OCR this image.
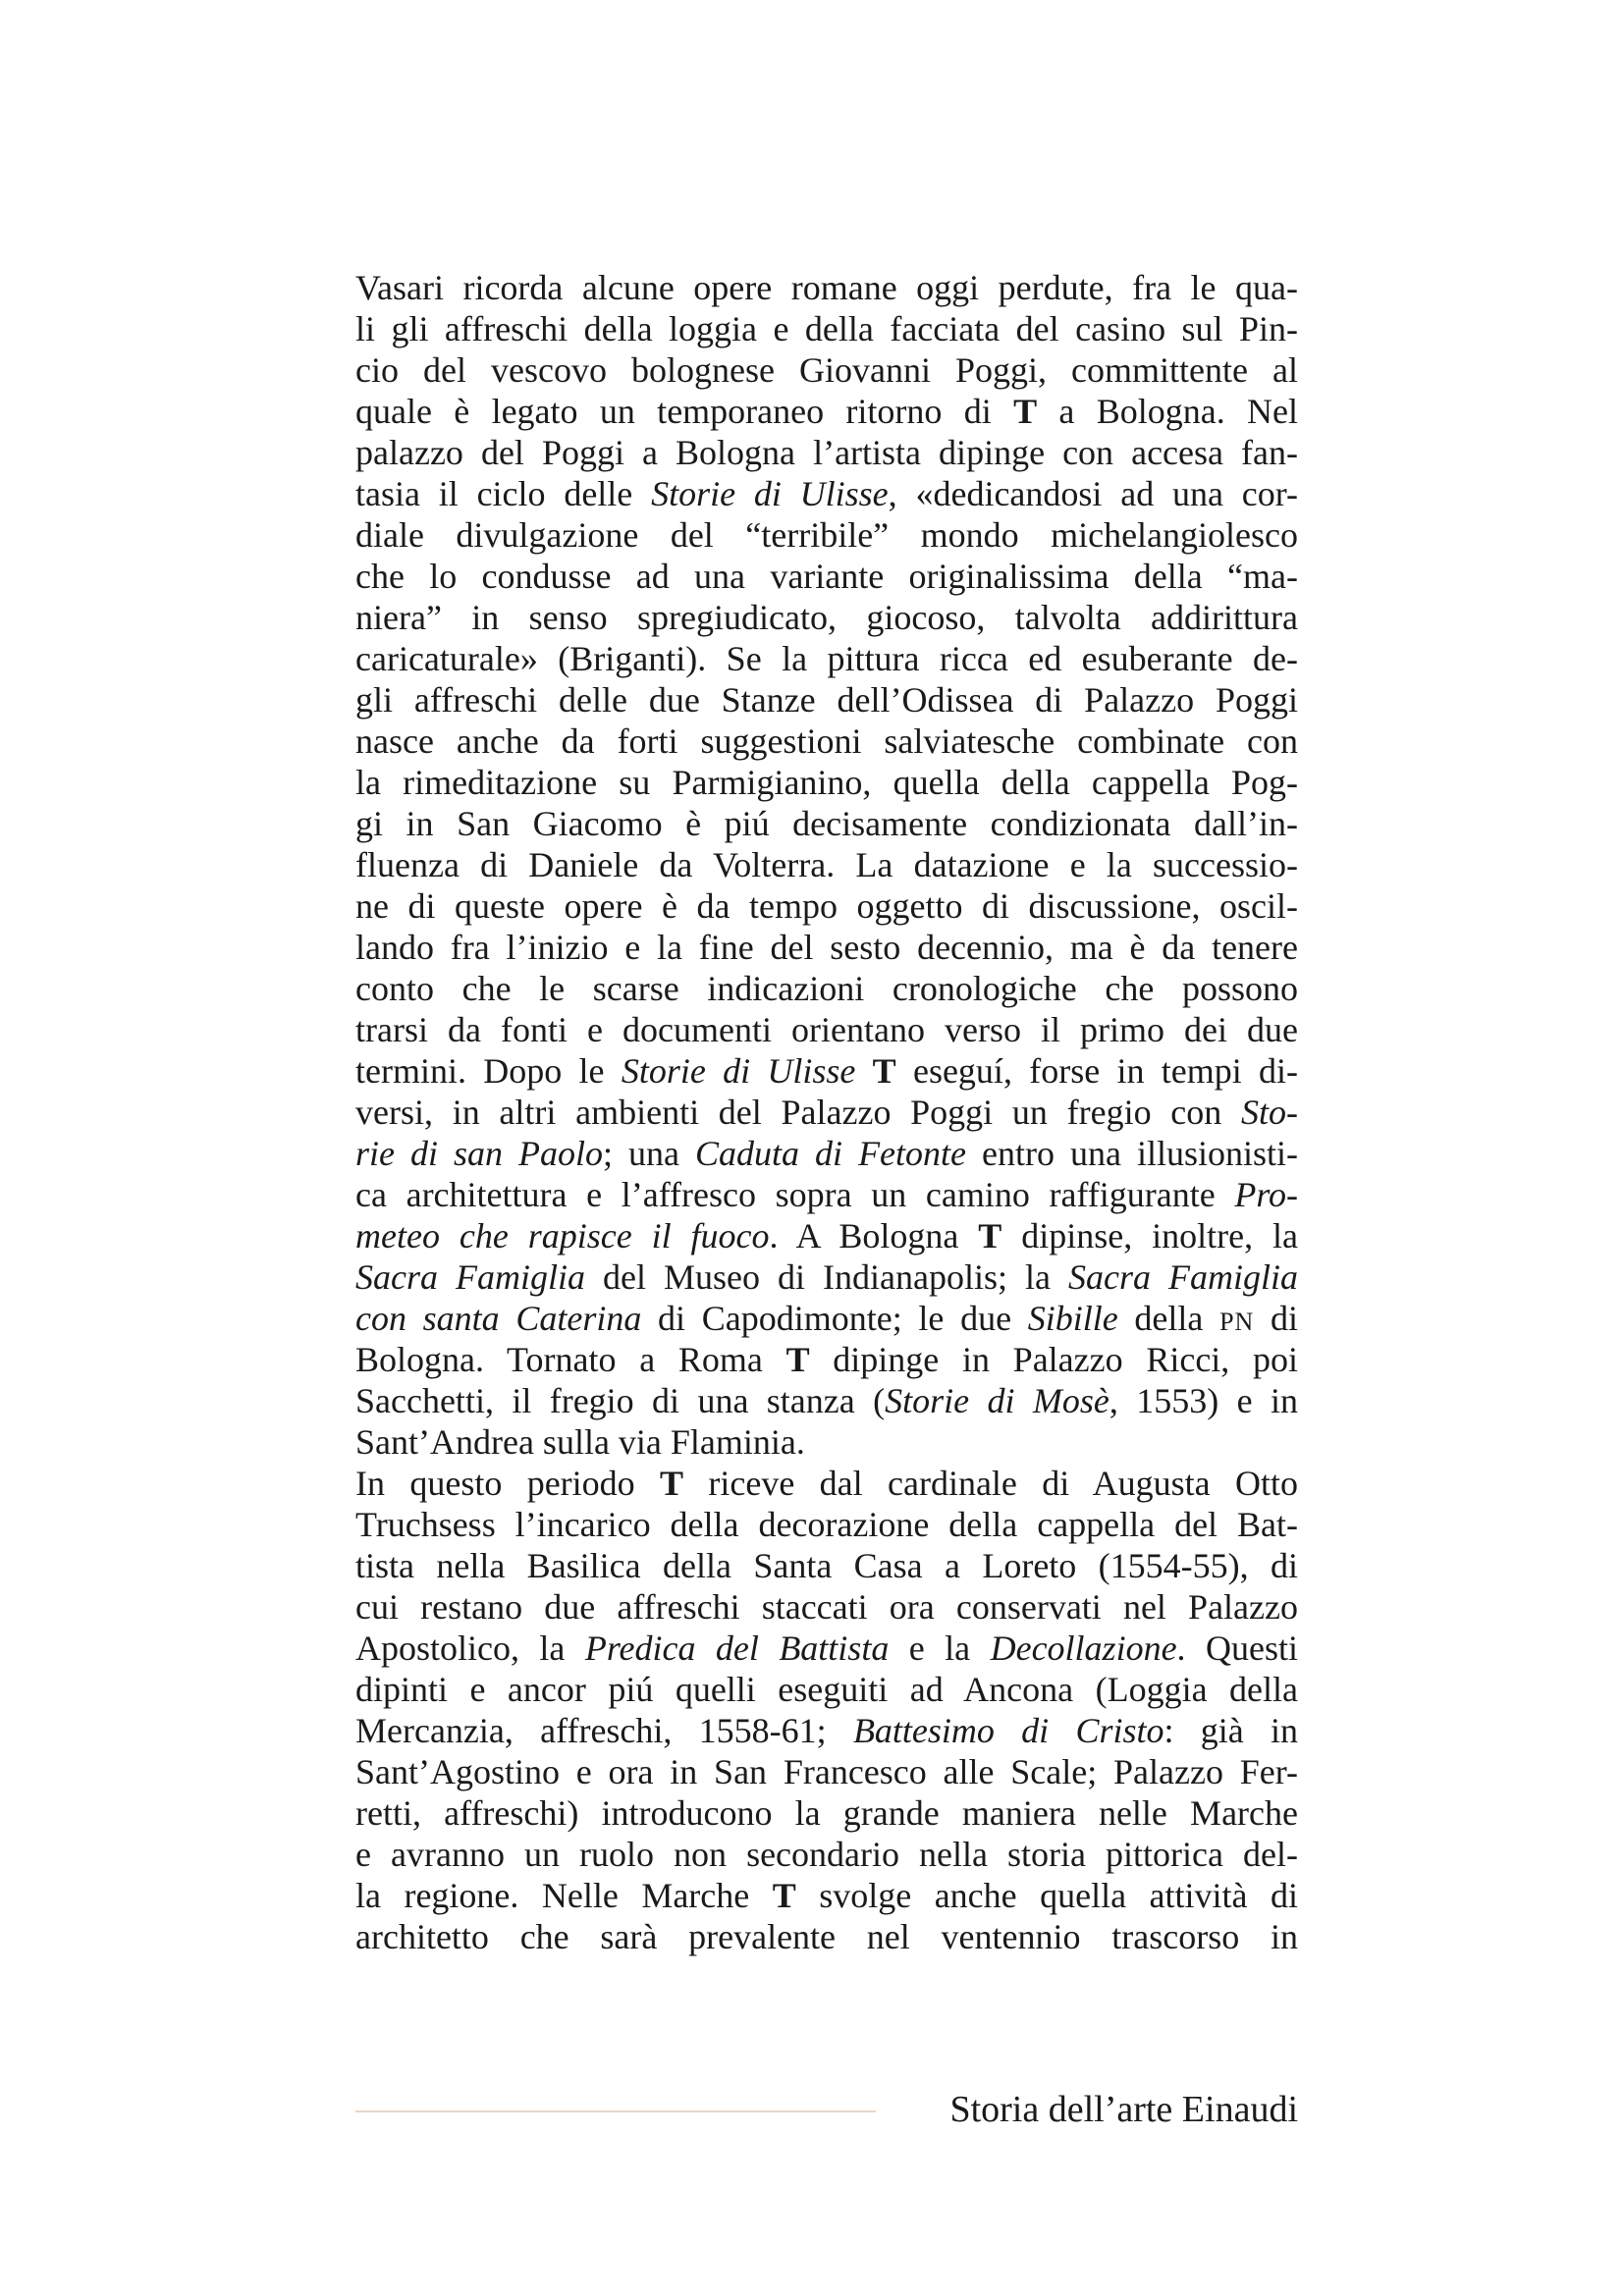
Vasari ricorda alcune opere romane oggi perdute, fra le qua-
li gli affreschi della loggia e della facciata del casino sul Pin-
cio del vescovo bolognese Giovanni Poggi, committente al
quale è legato un temporaneo ritorno di T a Bologna. Nel
palazzo del Poggi a Bologna l’artista dipinge con accesa fan-
tasia il ciclo delle Storie di Ulisse, «dedicandosi ad una cor-
diale divulgazione del “terribile” mondo michelangiolesco
che lo condusse ad una variante originalissima della “ma-
niera” in senso spregiudicato, giocoso, talvolta addirittura
caricaturale» (Briganti). Se la pittura ricca ed esuberante de-
gli affreschi delle due Stanze dell’Odissea di Palazzo Poggi
nasce anche da forti suggestioni salviatesche combinate con
la rimeditazione su Parmigianino, quella della cappella Pog-
gi in San Giacomo è piú decisamente condizionata dall’in-
fluenza di Daniele da Volterra. La datazione e la successio-
ne di queste opere è da tempo oggetto di discussione, oscil-
lando fra l’inizio e la fine del sesto decennio, ma è da tenere
conto che le scarse indicazioni cronologiche che possono
trarsi da fonti e documenti orientano verso il primo dei due
termini. Dopo le Storie di Ulisse T eseguí, forse in tempi di-
versi, in altri ambienti del Palazzo Poggi un fregio con Sto-
rie di san Paolo; una Caduta di Fetonte entro una illusionisti-
ca architettura e l’affresco sopra un camino raffigurante Pro-
meteo che rapisce il fuoco. A Bologna T dipinse, inoltre, la
Sacra Famiglia del Museo di Indianapolis; la Sacra Famiglia
con santa Caterina di Capodimonte; le due Sibille della PN di
Bologna. Tornato a Roma T dipinge in Palazzo Ricci, poi
Sacchetti, il fregio di una stanza (Storie di Mosè, 1553) e in
Sant’Andrea sulla via Flaminia.
In questo periodo T riceve dal cardinale di Augusta Otto
Truchsess l’incarico della decorazione della cappella del Bat-
tista nella Basilica della Santa Casa a Loreto (1554-55), di
cui restano due affreschi staccati ora conservati nel Palazzo
Apostolico, la Predica del Battista e la Decollazione. Questi
dipinti e ancor piú quelli eseguiti ad Ancona (Loggia della
Mercanzia, affreschi, 1558-61; Battesimo di Cristo: già in
Sant’Agostino e ora in San Francesco alle Scale; Palazzo Fer-
retti, affreschi) introducono la grande maniera nelle Marche
e avranno un ruolo non secondario nella storia pittorica del-
la regione. Nelle Marche T svolge anche quella attività di
architetto che sarà prevalente nel ventennio trascorso in
Storia dell’arte Einaudi
